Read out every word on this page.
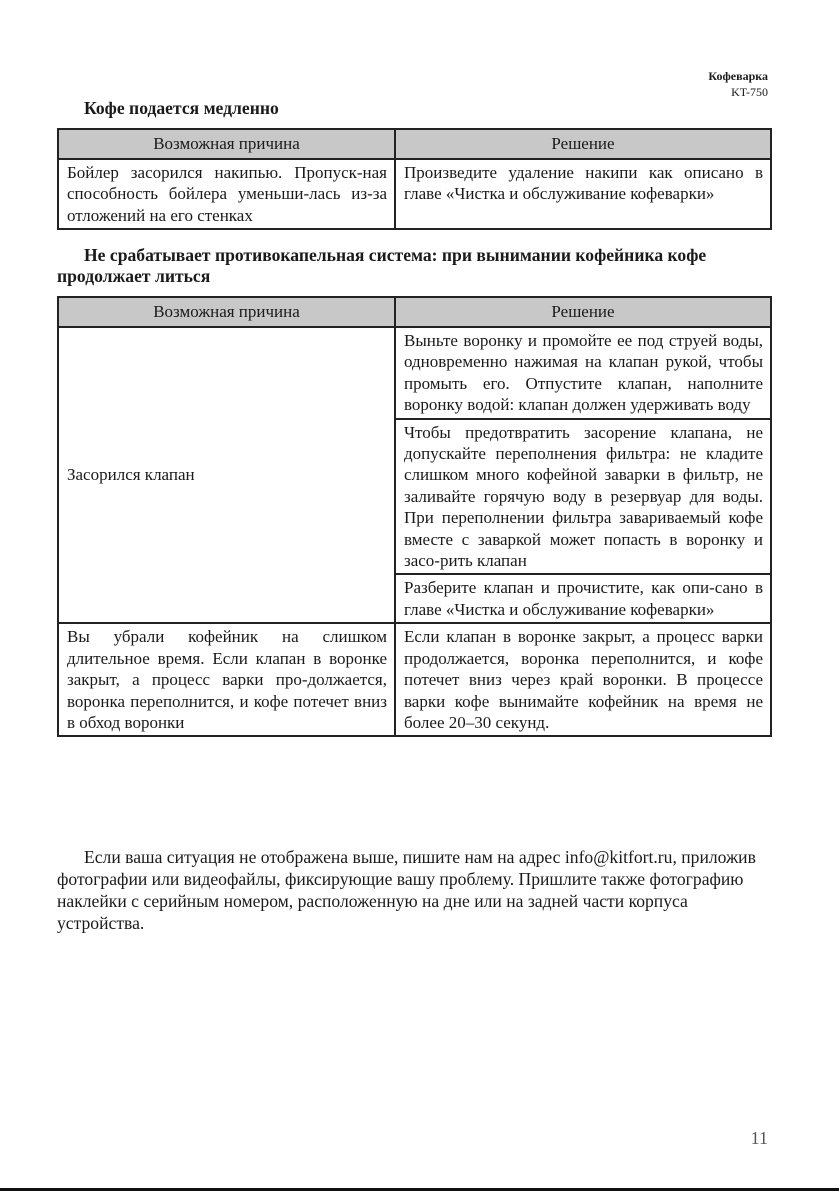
Кофеварка
KT-750
Кофе подается медленно
Возможная причина	Решение
Бойлер засорился накипью. Пропуск-ная способность бойлера уменьши-лась из-за отложений на его стенках	Произведите удаление накипи как описано в главе «Чистка и обслуживание кофеварки»
Не срабатывает противокапельная система: при вынимании кофейника кофе продолжает литься
Возможная причина	Решение
Засорился клапан	Выньте воронку и промойте ее под струей воды, одновременно нажимая на клапан рукой, чтобы промыть его. Отпустите клапан, наполните воронку водой: клапан должен удерживать воду
	Чтобы предотвратить засорение клапана, не допускайте переполнения фильтра: не кладите слишком много кофейной заварки в фильтр, не заливайте горячую воду в резервуар для воды. При переполнении фильтра завариваемый кофе вместе с заваркой может попасть в воронку и засо-рить клапан
	Разберите клапан и прочистите, как опи-сано в главе «Чистка и обслуживание кофеварки»
Вы убрали кофейник на слишком длительное время. Если клапан в воронке закрыт, а процесс варки про-должается, воронка переполнится, и кофе потечет вниз в обход воронки	Если клапан в воронке закрыт, а процесс варки продолжается, воронка переполнится, и кофе потечет вниз через край воронки. В процессе варки кофе вынимайте кофейник на время не более 20–30 секунд.
Если ваша ситуация не отображена выше, пишите нам на адрес info@kitfort.ru, приложив фотографии или видеофайлы, фиксирующие вашу проблему. Пришлите также фотографию наклейки с серийным номером, расположенную на дне или на задней части корпуса устройства.
11
